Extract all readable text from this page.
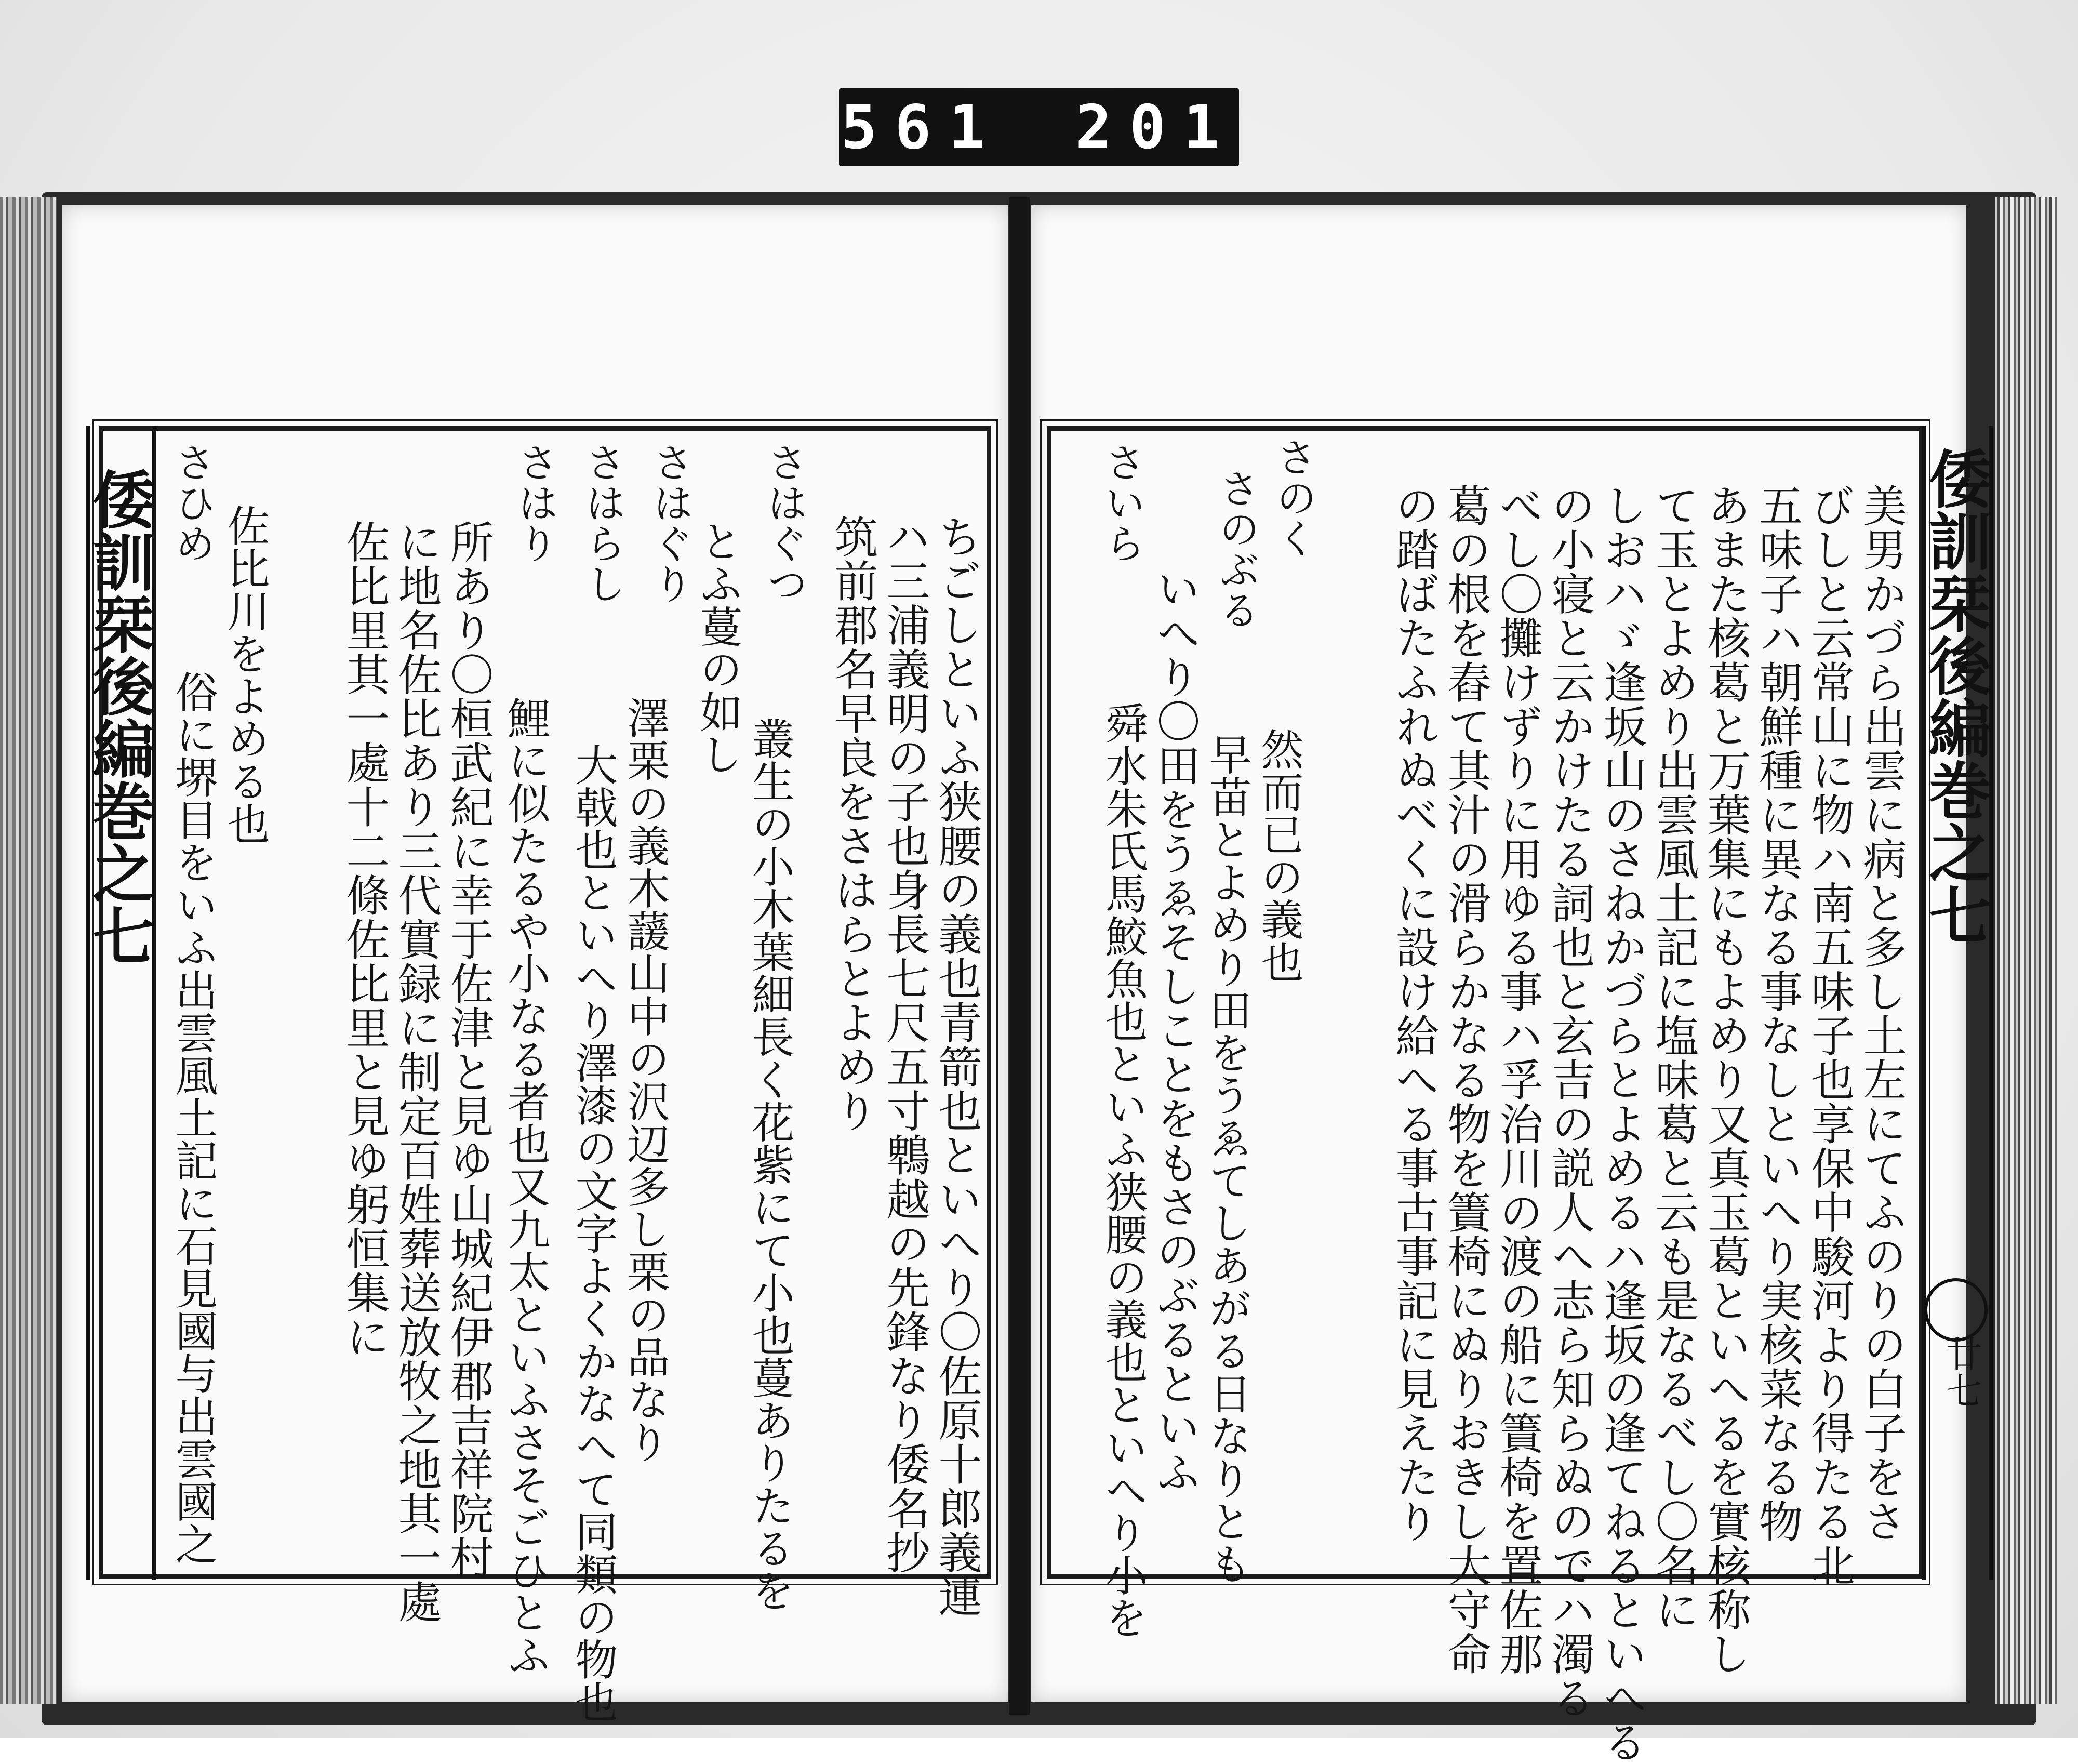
561 201
倭訓栞後編巻之七	倭訓栞後編巻之七
廿七
ちごしといふ狭腰の義也青箭也といへり〇佐原十郎義連
ハ三浦義明の子也身長七尺五寸鵯越の先鋒なり倭名抄
筑前郡名早良をさはらとよめり
さはぐつ
叢生の小木葉細長く花紫にて小也蔓ありたるを
さはぐり とふ蔓の如し
澤栗の義木蘐山中の沢辺多し栗の品なり
さはらし
大戟也といへり澤漆の文字よくかなへて同類の物也
さはり
鯉に似たるや小なる者也又九太といふさそごひとふ
所あり〇桓武紀に幸于佐津と見ゆ山城紀伊郡吉祥院村
に地名佐比あり三代實録に制定百姓葬送放牧之地其一處
佐比里其一處十二條佐比里と見ゆ躬恒集に
佐比川をよめる也
さひめ
俗に堺目をいふ出雲風土記に石見國与出雲國之	美男かづら出雲に病と多し土左にてふのりの白子をさ
びしと云常山に物ハ南五味子也享保中駿河より得たる北
五味子ハ朝鮮種に異なる事なしといへり実核菜なる物
あまた核葛と万葉集にもよめり又真玉葛といへるを實核称し
て玉とよめり出雲風土記に塩味葛と云も是なるべし〇名に
しおハゞ逢坂山のさねかづらとよめるハ逢坂の逢てねるといへる
の小寝と云かけたる詞也と玄吉の説人へ志ら知らぬのでハ濁る
べし〇攤けずりに用ゆる事ハ孚治川の渡の船に簀椅を置佐那
葛の根を舂て其汁の滑らかなる物を簀椅にぬりおきし大守命
の踏ばたふれぬべくに設け給へる事古事記に見えたり
さのく
然而已の義也
さのぶる
早苗とよめり田をうゑてしあがる日なりとも
いへり〇田をうゑそしことをもさのぶるといふ
さいら
舜水朱氏馬鮫魚也といふ狭腰の義也といへり小を
